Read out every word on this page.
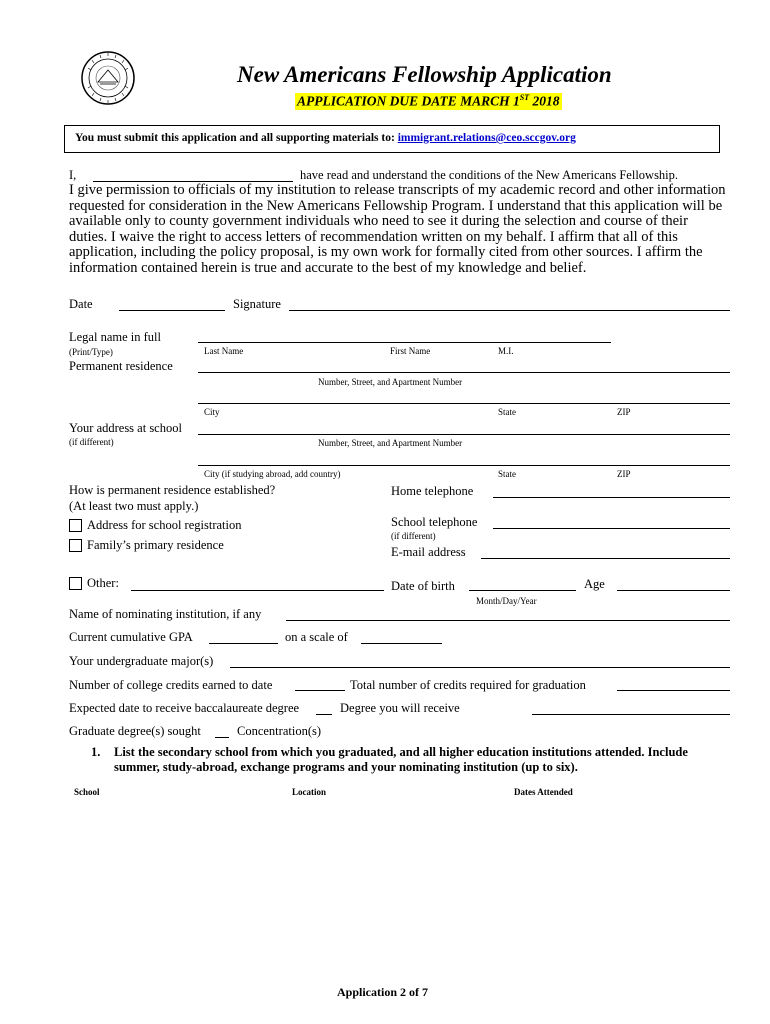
New Americans Fellowship Application
APPLICATION DUE DATE MARCH 1ST 2018
You must submit this application and all supporting materials to: immigrant.relations@ceo.sccgov.org
I,	have read and understand the conditions of the New Americans Fellowship.
I give permission to officials of my institution to release transcripts of my academic record and other information requested for consideration in the New Americans Fellowship Program. I understand that this application will be available only to county government individuals who need to see it during the selection and course of their duties. I waive the right to access letters of recommendation written on my behalf. I affirm that all of this application, including the policy proposal, is my own work for formally cited from other sources. I affirm the information contained herein is true and accurate to the best of my knowledge and belief.
Date	Signature
Legal name in full
(Print/Type)	Last Name	First Name	M.I.
Permanent residence
Number, Street, and Apartment Number
City	State	ZIP
Your address at school
(if different)	Number, Street, and Apartment Number
City (if studying abroad, add country)	State	ZIP
How is permanent residence established?
(At least two must apply.)
Address for school registration
Family’s primary residence
Other:
Home telephone
School telephone
(if different)
E-mail address
Date of birth
Month/Day/Year
Age
Name of nominating institution, if any
Current cumulative GPA	on a scale of
Your undergraduate major(s)
Number of college credits earned to date	Total number of credits required for graduation
Expected date to receive baccalaureate degree	Degree you will receive
Graduate degree(s) sought	Concentration(s)
1. List the secondary school from which you graduated, and all higher education institutions attended. Include summer, study-abroad, exchange programs and your nominating institution (up to six).
School	Location	Dates Attended
Application 2 of 7
